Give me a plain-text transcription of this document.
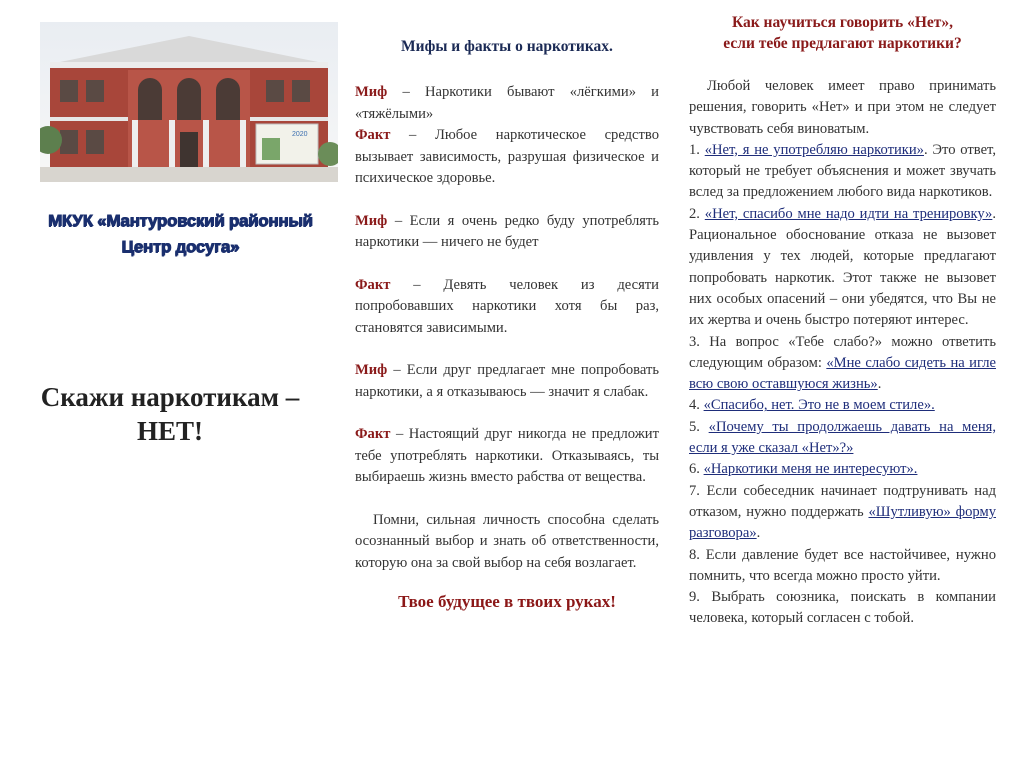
2020
МКУК «Мантуровский районный
Центр досуга»
Скажи наркотикам –
НЕТ!
Мифы и факты о наркотиках.

Миф – Наркотики бывают «лёгкими» и «тяжёлыми»

Факт – Любое наркотическое средство вызывает зависимость, разрушая физическое и психическое здоровье.

Миф – Если я очень редко буду употреблять наркотики — ничего не будет

Факт – Девять человек из десяти попробовавших наркотики хотя бы раз, становятся зависимыми.

Миф – Если друг предлагает мне попробовать наркотики, а я отказываюсь — значит я слабак.

Факт – Настоящий друг никогда не предложит тебе употреблять наркотики. Отказываясь, ты выбираешь жизнь вместо рабства от вещества.

Помни, сильная личность способна сделать осознанный выбор и знать об ответственности, которую она за свой выбор на себя возлагает.

Твое будущее в твоих руках!
Как научиться говорить «Нет»,
если тебе предлагают наркотики?

Любой человек имеет право принимать решения, говорить «Нет» и при этом не следует чувствовать себя виноватым.

1. «Нет, я не употребляю наркотики». Это ответ, который не требует объяснения и может звучать вслед за предложением любого вида наркотиков.

2. «Нет, спасибо мне надо идти на тренировку». Рациональное обоснование отказа не вызовет удивления у тех людей, которые предлагают попробовать наркотик. Этот также не вызовет них особых опасений – они убедятся, что Вы не их жертва и очень быстро потеряют интерес.

3. На вопрос «Тебе слабо?» можно ответить следующим образом: «Мне слабо сидеть на игле всю свою оставшуюся жизнь».

4. «Спасибо, нет. Это не в моем стиле».

5. «Почему ты продолжаешь давать на меня, если я уже сказал «Нет»?»

6. «Наркотики меня не интересуют».

7. Если собеседник начинает подтрунивать над отказом, нужно поддержать «Шутливую» форму разговора».

8. Если давление будет все настойчивее, нужно помнить, что всегда можно просто уйти.

9. Выбрать союзника, поискать в компании человека, который согласен с тобой.
